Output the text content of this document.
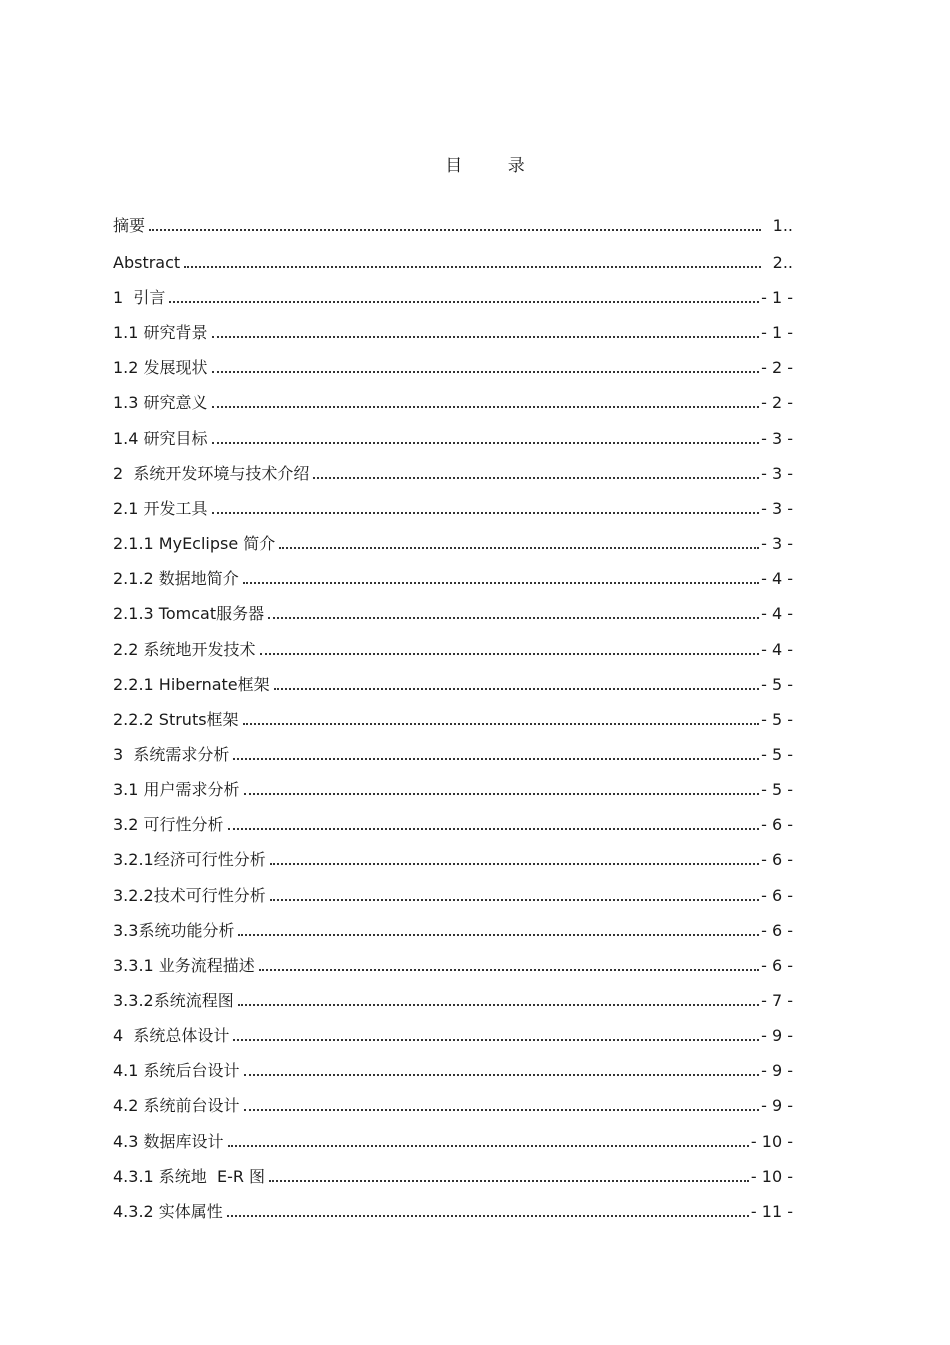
目 录
摘要	1..
Abstract	2..
1  引言	- 1 -
1.1 研究背景	- 1 -
1.2 发展现状	- 2 -
1.3 研究意义	- 2 -
1.4 研究目标	- 3 -
2  系统开发环境与技术介绍	- 3 -
2.1 开发工具	- 3 -
2.1.1 MyEclipse 简介	- 3 -
2.1.2 数据地简介	- 4 -
2.1.3 Tomcat服务器	- 4 -
2.2 系统地开发技术	- 4 -
2.2.1 Hibernate框架	- 5 -
2.2.2 Struts框架	- 5 -
3  系统需求分析	- 5 -
3.1 用户需求分析	- 5 -
3.2 可行性分析	- 6 -
3.2.1经济可行性分析	- 6 -
3.2.2技术可行性分析	- 6 -
3.3系统功能分析	- 6 -
3.3.1 业务流程描述	- 6 -
3.3.2系统流程图	- 7 -
4  系统总体设计	- 9 -
4.1 系统后台设计	- 9 -
4.2 系统前台设计	- 9 -
4.3 数据库设计	- 10 -
4.3.1 系统地  E-R 图	- 10 -
4.3.2 实体属性	- 11 -
